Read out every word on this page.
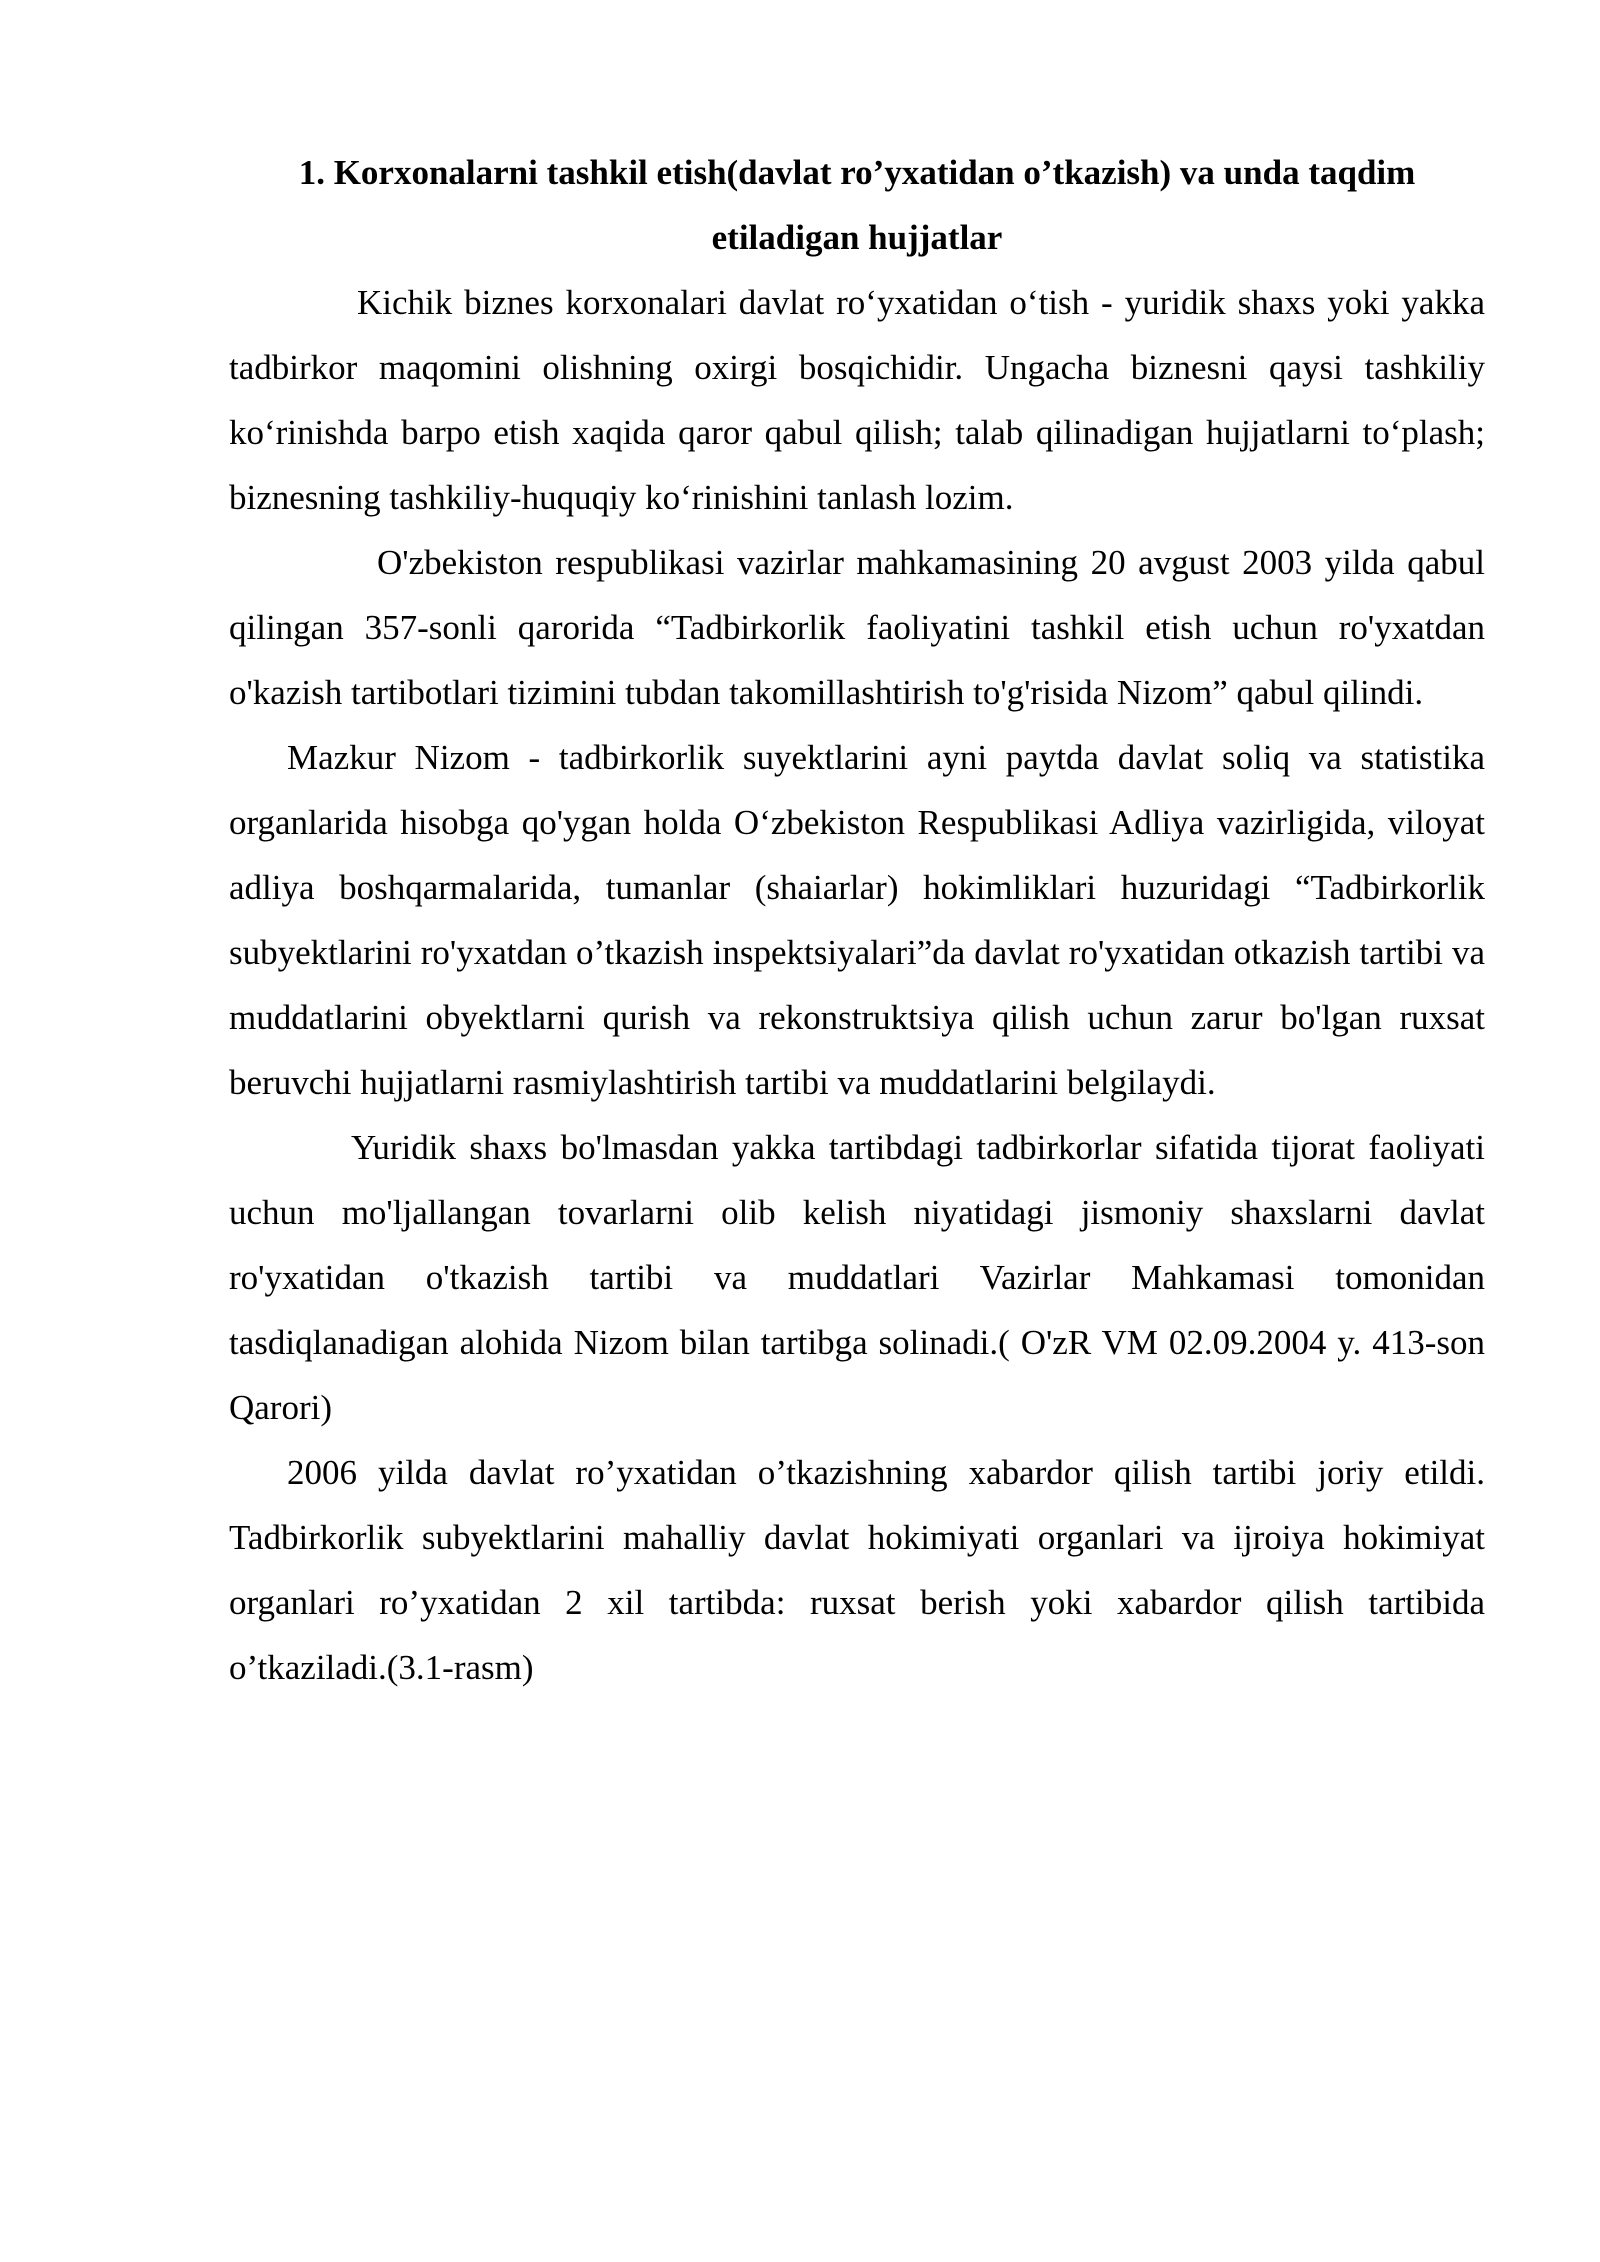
1. Korxonalarni tashkil etish(davlat ro’yxatidan o’tkazish) va unda taqdim etiladigan hujjatlar

Kichik biznes korxonalari davlat ro‘yxatidan o‘tish - yuridik shaxs yoki yakka tadbirkor maqomini olishning oxirgi bosqichidir. Ungacha biznesni qaysi tashkiliy ko‘rinishda barpo etish xaqida qaror qabul qilish; talab qilinadigan hujjatlarni to‘plash; biznesning tashkiliy-huquqiy ko‘rinishini tanlash lozim.

O'zbekiston respublikasi vazirlar mahkamasining 20 avgust 2003 yilda qabul qilingan 357-sonli qarorida “Tadbirkorlik faoliyatini tashkil etish uchun ro'yxatdan o'kazish tartibotlari tizimini tubdan takomillashtirish to'g'risida Nizom” qabul qilindi.

Mazkur Nizom - tadbirkorlik suyektlarini ayni paytda davlat soliq va statistika organlarida hisobga qo'ygan holda O‘zbekiston Respublikasi Adliya vazirligida, viloyat adliya boshqarmalarida, tumanlar (shaiarlar) hokimliklari huzuridagi “Tadbirkorlik subyektlarini ro'yxatdan o’tkazish inspektsiyalari”da davlat ro'yxatidan otkazish tartibi va muddatlarini obyektlarni qurish va rekonstruktsiya qilish uchun zarur bo'lgan ruxsat beruvchi hujjatlarni rasmiylashtirish tartibi va muddatlarini belgilaydi.

Yuridik shaxs bo'lmasdan yakka tartibdagi tadbirkorlar sifatida tijorat faoliyati uchun mo'ljallangan tovarlarni olib kelish niyatidagi jismoniy shaxslarni davlat ro'yxatidan o'tkazish tartibi va muddatlari Vazirlar Mahkamasi tomonidan tasdiqlanadigan alohida Nizom bilan tartibga solinadi.( O'zR VM 02.09.2004 y. 413-son Qarori)

2006 yilda davlat ro’yxatidan o’tkazishning xabardor qilish tartibi joriy etildi. Tadbirkorlik subyektlarini mahalliy davlat hokimiyati organlari va ijroiya hokimiyat organlari ro’yxatidan 2 xil tartibda: ruxsat berish yoki xabardor qilish tartibida o’tkaziladi.(3.1-rasm)
